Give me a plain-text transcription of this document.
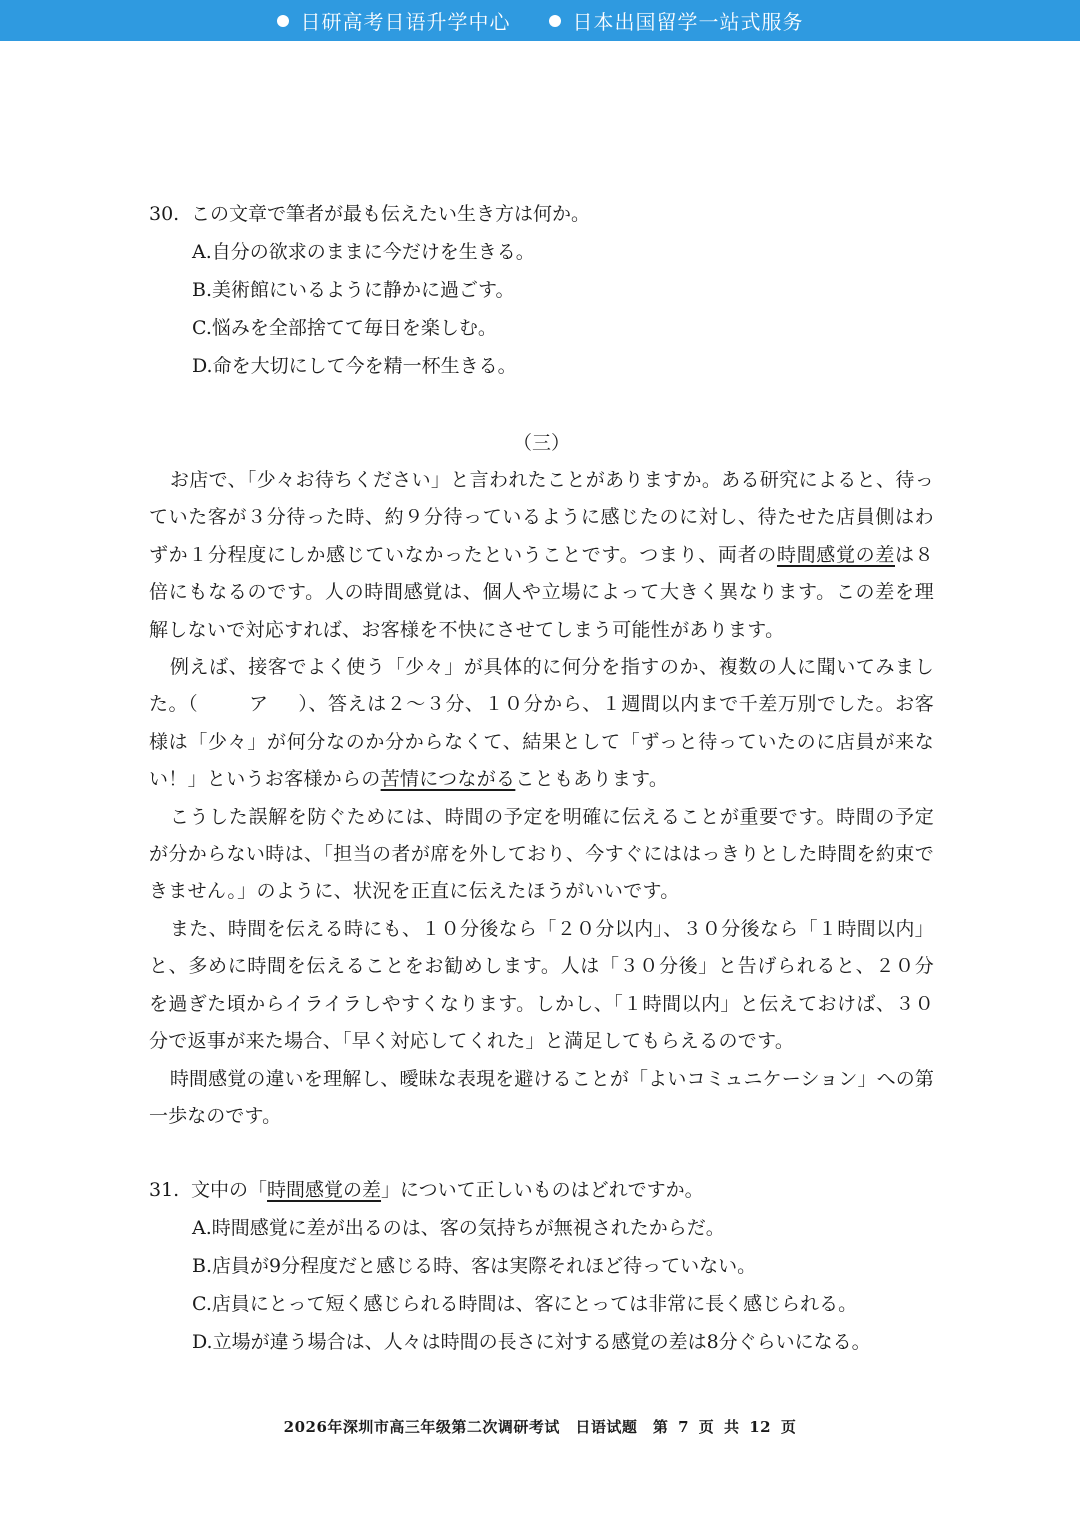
日研高考日语升学中心	日本出国留学一站式服务
30. この文章で筆者が最も伝えたい生き方は何か。
A.自分の欲求のままに今だけを生きる。
B.美術館にいるように静かに過ごす。
C.悩みを全部捨てて毎日を楽しむ。
D.命を大切にして今を精一杯生きる。
（三）

お店で、「少々お待ちください」と言われたことがありますか。ある研究によると、待っていた客が３分待った時、約９分待っているように感じたのに対し、待たせた店員側はわずか１分程度にしか感じていなかったということです。つまり、両者の時間感覚の差は８倍にもなるのです。人の時間感覚は、個人や立場によって大きく異なります。この差を理解しないで対応すれば、お客様を不快にさせてしまう可能性があります。

例えば、接客でよく使う「少々」が具体的に何分を指すのか、複数の人に聞いてみました。（	ア ）、答えは２～３分、１０分から、１週間以内まで千差万別でした。お客様は「少々」が何分なのか分からなくて、結果として「ずっと待っていたのに店員が来ない！」というお客様からの苦情につながることもあります。

こうした誤解を防ぐためには、時間の予定を明確に伝えることが重要です。時間の予定が分からない時は、「担当の者が席を外しており、今すぐにははっきりとした時間を約束できません。」のように、状況を正直に伝えたほうがいいです。

また、時間を伝える時にも、１０分後なら「２０分以内」、３０分後なら「１時間以内」と、多めに時間を伝えることをお勧めします。人は「３０分後」と告げられると、２０分を過ぎた頃からイライラしやすくなります。しかし、「１時間以内」と伝えておけば、３０分で返事が来た場合、「早く対応してくれた」と満足してもらえるのです。

時間感覚の違いを理解し、曖昧な表現を避けることが「よいコミュニケーション」への第一歩なのです。

31. 文中の「時間感覚の差」について正しいものはどれですか。
A.時間感覚に差が出るのは、客の気持ちが無視されたからだ。
B.店員が9分程度だと感じる時、客は実際それほど待っていない。
C.店員にとって短く感じられる時間は、客にとっては非常に長く感じられる。
D.立場が違う場合は、人々は時間の長さに対する感覚の差は8分ぐらいになる。
2026年深圳市高三年级第二次调研考试　日语试题　第 7 页 共 12 页
